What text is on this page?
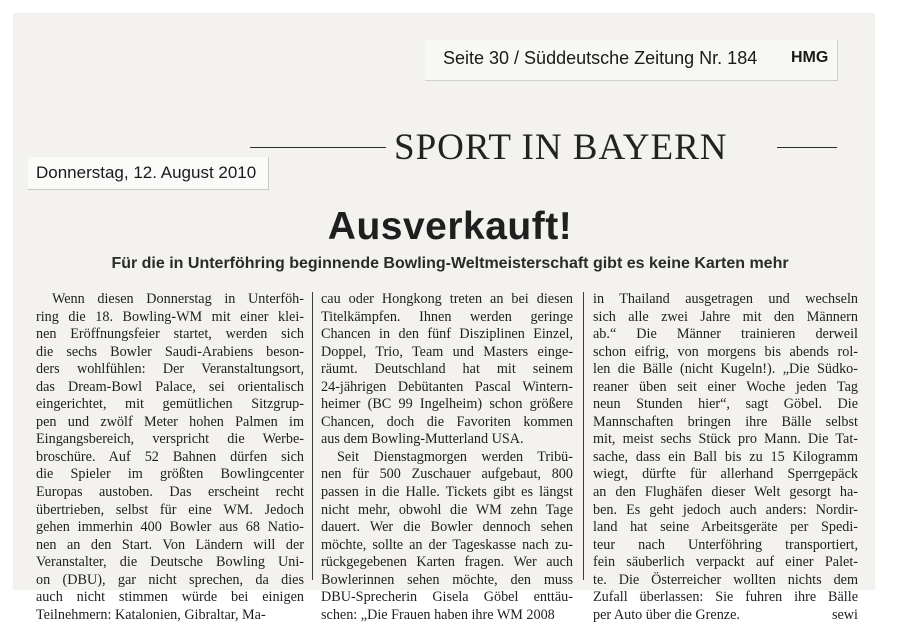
Seite 30 / Süddeutsche Zeitung Nr. 184 HMG
SPORT IN BAYERN
Donnerstag, 12. August 2010
Ausverkauft!
Für die in Unterföhring beginnende Bowling-Weltmeisterschaft gibt es keine Karten mehr
Wenn diesen Donnerstag in Unterföh-
ring die 18. Bowling-WM mit einer klei-
nen Eröffnungsfeier startet, werden sich
die sechs Bowler Saudi-Arabiens beson-
ders wohlfühlen: Der Veranstaltungsort,
das Dream-Bowl Palace, sei orientalisch
eingerichtet, mit gemütlichen Sitzgrup-
pen und zwölf Meter hohen Palmen im
Eingangsbereich, verspricht die Werbe-
broschüre. Auf 52 Bahnen dürfen sich
die Spieler im größten Bowlingcenter
Europas austoben. Das erscheint recht
übertrieben, selbst für eine WM. Jedoch
gehen immerhin 400 Bowler aus 68 Natio-
nen an den Start. Von Ländern will der
Veranstalter, die Deutsche Bowling Uni-
on (DBU), gar nicht sprechen, da dies
auch nicht stimmen würde bei einigen
Teilnehmern: Katalonien, Gibraltar, Ma-
cau oder Hongkong treten an bei diesen
Titelkämpfen. Ihnen werden geringe
Chancen in den fünf Disziplinen Einzel,
Doppel, Trio, Team und Masters einge-
räumt. Deutschland hat mit seinem
24-jährigen Debütanten Pascal Wintern-
heimer (BC 99 Ingelheim) schon größere
Chancen, doch die Favoriten kommen
aus dem Bowling-Mutterland USA.
Seit Dienstagmorgen werden Tribü-
nen für 500 Zuschauer aufgebaut, 800
passen in die Halle. Tickets gibt es längst
nicht mehr, obwohl die WM zehn Tage
dauert. Wer die Bowler dennoch sehen
möchte, sollte an der Tageskasse nach zu-
rückgegebenen Karten fragen. Wer auch
Bowlerinnen sehen möchte, den muss
DBU-Sprecherin Gisela Göbel enttäu-
schen: „Die Frauen haben ihre WM 2008
in Thailand ausgetragen und wechseln
sich alle zwei Jahre mit den Männern
ab.“ Die Männer trainieren derweil
schon eifrig, von morgens bis abends rol-
len die Bälle (nicht Kugeln!). „Die Südko-
reaner üben seit einer Woche jeden Tag
neun Stunden hier“, sagt Göbel. Die
Mannschaften bringen ihre Bälle selbst
mit, meist sechs Stück pro Mann. Die Tat-
sache, dass ein Ball bis zu 15 Kilogramm
wiegt, dürfte für allerhand Sperrgepäck
an den Flughäfen dieser Welt gesorgt ha-
ben. Es geht jedoch auch anders: Nordir-
land hat seine Arbeitsgeräte per Spedi-
teur nach Unterföhring transportiert,
fein säuberlich verpackt auf einer Palet-
te. Die Österreicher wollten nichts dem
Zufall überlassen: Sie fuhren ihre Bälle
per Auto über die Grenze.	sewi
